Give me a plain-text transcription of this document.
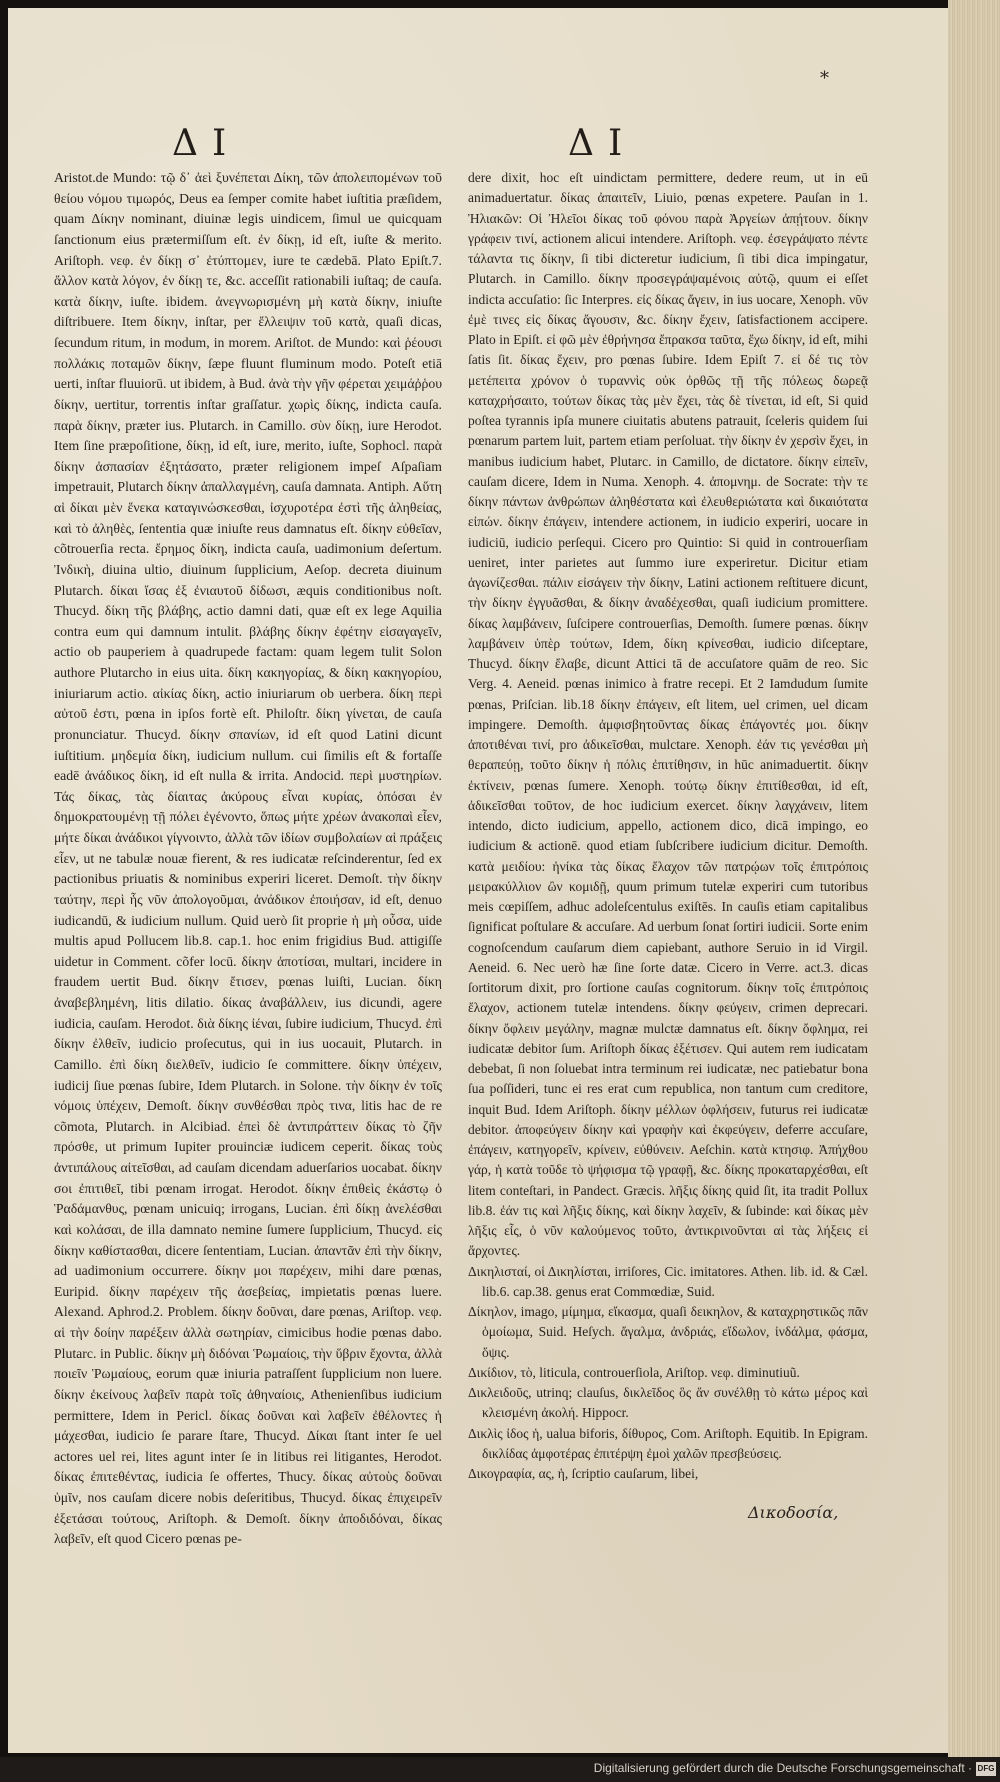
*
ΔΙ	ΔΙ

Aristot.de Mundo: τῷ δ᾽ ἀεὶ ξυνέπεται Δίκη, τῶν ἀπολειπομένων τοῦ θείου νόμου τιμωρός, Deus ea ſemper comite habet iuſtitia præſidem, quam Δίκην nominant, diuinæ legis uindicem, ſimul ue quicquam ſanctionum eius prætermiſſum eſt. ἐν δίκῃ, id eſt, iuſte & merito. Ariſtoph. νεφ. ἐν δίκῃ σ᾽ ἐτύπτομεν, iure te cædebā. Plato Epiſt.7. ἄλλον κατὰ λόγον, ἐν δίκῃ τε, &c. acceſſit rationabili iuſtaq; de cauſa. κατὰ δίκην, iuſte. ibidem. ἀνεγνωρισμένη μὴ κατὰ δίκην, iniuſte diſtribuere. Item δίκην, inſtar, per ἔλλειψιν τοῦ κατὰ, quaſi dicas, ſecundum ritum, in modum, in morem. Ariſtot. de Mundo: καὶ ῥέουσι πολλάκις ποταμῶν δίκην, ſæpe fluunt fluminum modo. Poteſt etiā uerti, inſtar fluuiorū. ut ibidem, à Bud. ἀνὰ τὴν γῆν φέρεται χειμάῤῥου δίκην, uertitur, torrentis inſtar graſſatur. χωρὶς δίκης, indicta cauſa. παρὰ δίκην, præter ius. Plutarch. in Camillo. σὺν δίκῃ, iure Herodot. Item ſine præpoſitione, δίκῃ, id eſt, iure, merito, iuſte, Sophocl. παρὰ δίκην ἀσπασίαν ἐξητάσατο, præter religionem impeſ Aſpaſiam impetrauit, Plutarch δίκην ἀπαλλαγμένη, cauſa damnata. Antiph. Αὕτη αἱ δίκαι μὲν ἕνεκα καταγινώσκεσθαι, ἰσχυροτέρα ἐστὶ τῆς ἀληθείας, καὶ τὸ ἀληθὲς, ſententia quæ iniuſte reus damnatus eſt. δίκην εὐθεῖαν, cõtrouerſia recta. ἔρημος δίκη, indicta cauſa, uadimonium deſertum. Ἰνδικὴ, diuina ultio, diuinum ſupplicium, Aeſop. decreta diuinum Plutarch. δίκαι ἴσας ἐξ ἐνιαυτοῦ δίδωσι, æquis conditionibus noſt. Thucyd. δίκη τῆς βλάβης, actio damni dati, quæ eſt ex lege Aquilia contra eum qui damnum intulit. βλάβης δίκην ἐφέτην εἰσαγαγεῖν, actio ob pauperiem à quadrupede factam: quam legem tulit Solon authore Plutarcho in eius uita. δίκη κακηγορίας, & δίκη κακηγορίου, iniuriarum actio. αἰκίας δίκη, actio iniuriarum ob uerbera. δίκη περὶ αὐτοῦ ἐστι, pœna in ipſos fortè eſt. Philoſtr. δίκη γίνεται, de cauſa pronunciatur. Thucyd. δίκην σπανίων, id eſt quod Latini dicunt iuſtitium. μηδεμία δίκη, iudicium nullum. cui ſimilis eſt & fortaſſe eadē ἀνάδικος δίκη, id eſt nulla & irrita. Andocid. περὶ μυστηρίων. Τάς δίκας, τὰς δίαιτας ἀκύρους εἶναι κυρίας, ὁπόσαι ἐν δημοκρατουμένῃ τῇ πόλει ἐγένοντο, ὅπως μήτε χρέων ἀνακοπαὶ εἶεν, μήτε δίκαι ἀνάδικοι γίγνοιντο, ἀλλὰ τῶν ἰδίων συμβολαίων αἱ πράξεις εἶεν, ut ne tabulæ nouæ fierent, & res iudicatæ reſcinderentur, ſed ex pactionibus priuatis & nominibus experiri liceret. Demoſt. τὴν δίκην ταύτην, περὶ ἧς νῦν ἀπολογοῦμαι, ἀνάδικον ἐποιήσαν, id eſt, denuo iudicandū, & iudicium nullum. Quid uerò ſit proprie ἡ μὴ οὖσα, uide multis apud Pollucem lib.8. cap.1. hoc enim frigidius Bud. attigiſſe uidetur in Comment. cõfer locū. δίκην ἀποτίσαι, multari, incidere in fraudem uertit Bud. δίκην ἔτισεν, pœnas luiſti, Lucian. δίκη ἀναβεβλημένη, litis dilatio. δίκας ἀναβάλλειν, ius dicundi, agere iudicia, cauſam. Herodot. διὰ δίκης ἰέναι, ſubire iudicium, Thucyd. ἐπὶ δίκην ἐλθεῖν, iudicio proſecutus, qui in ius uocauit, Plutarch. in Camillo. ἐπὶ δίκη διελθεῖν, iudicio ſe committere. δίκην ὑπέχειν, iudicij ſiue pœnas ſubire, Idem Plutarch. in Solone. τὴν δίκην ἐν τοῖς νόμοις ὑπέχειν, Demoſt. δίκην συνθέσθαι πρὸς τινα, litis hac de re cõmota, Plutarch. in Alcibiad. ἐπεὶ δὲ ἀντιπράττειν δίκας τὸ ζῆν πρόσθε, ut primum Iupiter prouinciæ iudicem ceperit. δίκας τοὺς ἀντιπάλους αἰτεῖσθαι, ad cauſam dicendam aduerſarios uocabat. δίκην σοι ἐπιτιθεῖ, tibi pœnam irrogat. Herodot. δίκην ἐπιθεὶς ἐκάστῳ ὁ Ῥαδάμανθυς, pœnam unicuiq; irrogans, Lucian. ἐπὶ δίκῃ ἀνελέσθαι καὶ κολάσαι, de illa damnato nemine ſumere ſupplicium, Thucyd. εἰς δίκην καθίστασθαι, dicere ſententiam, Lucian. ἀπαντᾶν ἐπὶ τὴν δίκην, ad uadimonium occurrere. δίκην μοι παρέχειν, mihi dare pœnas, Euripid. δίκην παρέχειν τῆς ἀσεβείας, impietatis pœnas luere. Alexand. Aphrod.2. Problem. δίκην δοῦναι, dare pœnas, Ariſtop. νεφ. αἱ τὴν δοίην παρέξειν ἀλλὰ σωτηρίαν, cimicibus hodie pœnas dabo. Plutarc. in Public. δίκην μὴ διδόναι Ῥωμαίοις, τὴν ὕβριν ἔχοντα, ἀλλὰ ποιεῖν Ῥωμαίους, eorum quæ iniuria patraſſent ſupplicium non luere. δίκην ἐκείνους λαβεῖν παρὰ τοῖς ἀθηναίοις, Athenienſibus iudicium permittere, Idem in Pericl. δίκας δοῦναι καὶ λαβεῖν ἐθέλοντες ἡ μάχεσθαι, iudicio ſe parare ſtare, Thucyd. Δίκαι ſtant inter ſe uel actores uel rei, lites agunt inter ſe in litibus rei litigantes, Herodot. δίκας ἐπιτεθέντας, iudicia ſe offertes, Thucy. δίκας αὐτοὺς δοῦναι ὑμῖν, nos cauſam dicere nobis deſeritibus, Thucyd. δίκας ἐπιχειρεῖν ἐξετάσαι τούτους, Ariſtoph. & Demoſt. δίκην ἀποδιδόναι, δίκας λαβεῖν, eſt quod Cicero pœnas pe-

dere dixit, hoc eſt uindictam permittere, dedere reum, ut in eū animaduertatur. δίκας ἀπαιτεῖν, Liuio, pœnas expetere. Pauſan in 1. Ἠλιακῶν: Οἱ Ἠλεῖοι δίκας τοῦ φόνου παρὰ Ἀργείων ἀπῄτουν. δίκην γράφειν τινί, actionem alicui intendere. Ariſtoph. νεφ. ἐσεγράψατο πέντε τάλαντα τις δίκην, ſi tibi dicteretur iudicium, ſi tibi dica impingatur, Plutarch. in Camillo. δίκην προσεγράψαμένοις αὐτῷ, quum ei eſſet indicta accuſatio: ſic Interpres. εἰς δίκας ἄγειν, in ius uocare, Xenoph. νῦν ἐμὲ τινες εἰς δίκας ἄγουσιν, &c. δίκην ἔχειν, ſatisfactionem accipere. Plato in Epiſt. εἰ φῶ μὲν ἐθρήνησα ἔπρακσα ταῦτα, ἔχω δίκην, id eſt, mihi ſatis ſit. δίκας ἔχειν, pro pœnas ſubire. Idem Epiſt 7. εἰ δέ τις τὸν μετέπειτα χρόνον ὁ τυραννὶς οὐκ ὀρθῶς τῇ τῆς πόλεως δωρεᾷ καταχρήσαιτο, τούτων δίκας τὰς μὲν ἔχει, τὰς δὲ τίνεται, id eſt, Si quid poſtea tyrannis ipſa munere ciuitatis abutens patrauit, ſceleris quidem ſui pœnarum partem luit, partem etiam perſoluat. τὴν δίκην ἐν χερσὶν ἔχει, in manibus iudicium habet, Plutarc. in Camillo, de dictatore. δίκην εἰπεῖν, cauſam dicere, Idem in Numa. Xenoph. 4. ἀπομνημ. de Socrate: τὴν τε δίκην πάντων ἀνθρώπων ἀληθέστατα καὶ ἐλευθεριώτατα καὶ δικαιότατα εἰπών. δίκην ἐπάγειν, intendere actionem, in iudicio experiri, uocare in iudiciū, iudicio perſequi. Cicero pro Quintio: Si quid in controuerſiam ueniret, inter parietes aut ſummo iure experiretur. Dicitur etiam ἀγωνίζεσθαι. πάλιν εἰσάγειν τὴν δίκην, Latini actionem reſtituere dicunt, τὴν δίκην ἐγγυᾶσθαι, & δίκην ἀναδέχεσθαι, quaſi iudicium promittere. δίκας λαμβάνειν, ſuſcipere controuerſias, Demoſth. ſumere pœnas. δίκην λαμβάνειν ὑπὲρ τούτων, Idem, δίκη κρίνεσθαι, iudicio diſceptare, Thucyd. δίκην ἔλαβε, dicunt Attici tā de accuſatore quām de reo. Sic Verg. 4. Aeneid. pœnas inimico à fratre recepi. Et 2 Iamdudum ſumite pœnas, Priſcian. lib.18 δίκην ἐπάγειν, eſt litem, uel crimen, uel dicam impingere. Demoſth. ἀμφισβητοῦντας δίκας ἐπάγοντές μοι. δίκην ἀποτιθέναι τινί, pro ἀδικεῖσθαι, mulctare. Xenoph. ἐάν τις γενέσθαι μὴ θεραπεύῃ, τοῦτο δίκην ἡ πόλις ἐπιτίθησιν, in hūc animaduertit. δίκην ἐκτίνειν, pœnas ſumere. Xenoph. τούτῳ δίκην ἐπιτίθεσθαι, id eſt, ἀδικεῖσθαι τοῦτον, de hoc iudicium exercet. δίκην λαγχάνειν, litem intendo, dicto iudicium, appello, actionem dico, dicā impingo, eo iudicium & actionē. quod etiam ſubſcribere iudicium dicitur. Demoſth. κατὰ μειδίου: ἡνίκα τὰς δίκας ἔλαχον τῶν πατρῴων τοῖς ἐπιτρόποις μειρακύλλιον ὢν κομιδῇ, quum primum tutelæ experiri cum tutoribus meis cœpiſſem, adhuc adoleſcentulus exiſtēs. In cauſis etiam capitalibus ſignificat poſtulare & accuſare. Ad uerbum ſonat ſortiri iudicii. Sorte enim cognoſcendum cauſarum diem capiebant, authore Seruio in id Virgil. Aeneid. 6. Nec uerò hæ ſine ſorte datæ. Cicero in Verre. act.3. dicas ſortitorum dixit, pro ſortione cauſas cognitorum. δίκην τοῖς ἐπιτρόποις ἔλαχον, actionem tutelæ intendens. δίκην φεύγειν, crimen deprecari. δίκην ὄφλειν μεγάλην, magnæ mulctæ damnatus eſt. δίκην ὄφλημα, rei iudicatæ debitor ſum. Ariſtoph δίκας ἐξέτισεν. Qui autem rem iudicatam debebat, ſi non ſoluebat intra terminum rei iudicatæ, nec patiebatur bona ſua poſſideri, tunc ei res erat cum republica, non tantum cum creditore, inquit Bud. Idem Ariſtoph. δίκην μέλλων ὀφλήσειν, futurus rei iudicatæ debitor. ἀποφεύγειν δίκην καὶ γραφὴν καὶ ἐκφεύγειν, deferre accuſare, ἐπάγειν, κατηγορεῖν, κρίνειν, εὐθύνειν. Aeſchin. κατὰ κτησιφ. Ἀπήχθου γάρ, ἡ κατὰ τοῦδε τὸ ψήφισμα τῷ γραφῇ, &c. δίκης προκαταρχέσθαι, eſt litem conteſtari, in Pandect. Græcis. λῆξις δίκης quid ſit, ita tradit Pollux lib.8. ἐάν τις καὶ λῆξις δίκης, καὶ δίκην λαχεῖν, & ſubinde: καὶ δίκας μὲν λῆξις εἶς, ὁ νῦν καλούμενος τοῦτο, ἀντικρινοῦνται αἱ τὰς λήξεις εἰ ἄρχοντες.

Δικηλισταί, οἱ Δικηλίσται, irriſores, Cic. imitatores. Athen. lib. id. & Cæl. lib.6. cap.38. genus erat Commœdiæ, Suid.

Δίκηλον, imago, μίμημα, εἴκασμα, quaſi δεικηλον, & καταχρηστικῶς πᾶν ὁμοίωμα, Suid. Heſych. ἄγαλμα, ἀνδριάς, εἴδωλον, ἰνδάλμα, φάσμα, ὄψις.

Δικίδιον, τὸ, liticula, controuerſiola, Ariſtop. νεφ. diminutiuũ.

Δικλειδοῦς, utrinq; clauſus, δικλεῖδος ὃς ἄν συνέλθῃ τὸ κάτω μέρος καὶ κλεισμένη ἀκολή. Hippocr.

Δικλὶς ἰδος ἡ, ualua biforis, δίθυρος, Com. Ariſtoph. Equitib. In Epigram. δικλίδας ἀμφοτέρας ἐπιτέρψη ἐμοὶ χαλῶν πρεσβεύσεις.

Δικογραφία, ας, ἡ, ſcriptio cauſarum, libei,

Δικοδοσία,
Digitalisierung gefördert durch die Deutsche Forschungsgemeinschaft · DFG
